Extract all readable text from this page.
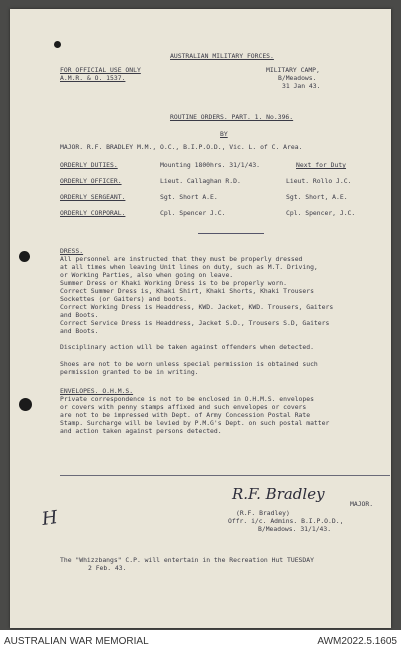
AUSTRALIAN MILITARY FORCES.
FOR OFFICIAL USE ONLY
A.M.R. & O. 1537.
MILITARY CAMP,
B/Meadows.
31 Jan 43.
ROUTINE ORDERS. PART. 1. No.396.
BY
MAJOR. R.F. BRADLEY M.M., O.C., B.I.P.O.D., Vic. L. of C. Area.
ORDERLY DUTIES.	Mounting 1800hrs. 31/1/43.	Next for Duty
ORDERLY OFFICER.	Lieut. Callaghan R.D.	Lieut. Rollo J.C.
ORDERLY SERGEANT.	Sgt. Short A.E.	Sgt. Short, A.E.
ORDERLY CORPORAL.	Cpl. Spencer J.C.	Cpl. Spencer, J.C.
DRESS.
All personnel are instructed that they must be properly dressed
at all times when leaving Unit lines on duty, such as M.T. Driving,
or Working Parties, also when going on leave.
Summer Dress or Khaki Working Dress is to be properly worn.
Correct Summer Dress is, Khaki Shirt, Khaki Shorts, Khaki Trousers
Sockettes (or Gaiters) and boots.
Correct Working Dress is Headdress, KWD. Jacket, KWD. Trousers, Gaiters
and Boots.
Correct Service Dress is Headdress, Jacket S.D., Trousers S.D, Gaiters
and Boots.
Disciplinary action will be taken against offenders when detected.
Shoes are not to be worn unless special permission is obtained such
permission granted to be in writing.
ENVELOPES. O.H.M.S.
Private correspondence is not to be enclosed in O.H.M.S. envelopes
or covers with penny stamps affixed and such envelopes or covers
are not to be impressed with Dept. of Army Concession Postal Rate
Stamp. Surcharge will be levied by P.M.G's Dept. on such postal matter
and action taken against persons detected.
R.F. Bradley
MAJOR.
(R.F. Bradley)
Offr. i/c. Admins. B.I.P.O.D.,
B/Meadows. 31/1/43.
H
The "Whizzbangs" C.P. will entertain in the Recreation Hut TUESDAY
2 Feb. 43.
AUSTRALIAN WAR MEMORIAL	AWM2022.5.1605
